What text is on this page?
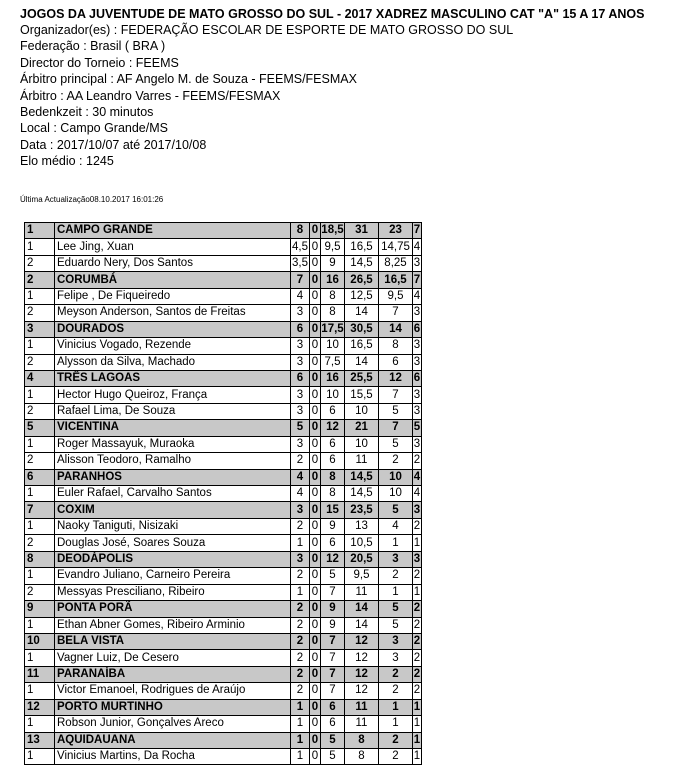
JOGOS DA JUVENTUDE DE MATO GROSSO DO SUL - 2017 XADREZ MASCULINO CAT "A" 15 A 17 ANOS
Organizador(es) : FEDERAÇÃO ESCOLAR DE ESPORTE DE MATO GROSSO DO SUL
Federação : Brasil ( BRA )
Director do Torneio : FEEMS
Árbitro principal : AF Angelo M. de Souza - FEEMS/FESMAX
Árbitro : AA Leandro Varres - FEEMS/FESMAX
Bedenkzeit : 30 minutos
Local : Campo Grande/MS
Data : 2017/10/07 até 2017/10/08
Elo médio : 1245
Última Actualização08.10.2017 16:01:26
1	CAMPO GRANDE	8	0	18,5	31	23	7
1	Lee Jing, Xuan	4,5	0	9,5	16,5	14,75	4
2	Eduardo Nery, Dos Santos	3,5	0	9	14,5	8,25	3
2	CORUMBÁ	7	0	16	26,5	16,5	7
1	Felipe , De Fiqueiredo	4	0	8	12,5	9,5	4
2	Meyson Anderson, Santos de Freitas	3	0	8	14	7	3
3	DOURADOS	6	0	17,5	30,5	14	6
1	Vinicius Vogado, Rezende	3	0	10	16,5	8	3
2	Alysson da Silva, Machado	3	0	7,5	14	6	3
4	TRÊS LAGOAS	6	0	16	25,5	12	6
1	Hector Hugo Queiroz, França	3	0	10	15,5	7	3
2	Rafael Lima, De Souza	3	0	6	10	5	3
5	VICENTINA	5	0	12	21	7	5
1	Roger Massayuk, Muraoka	3	0	6	10	5	3
2	Alisson Teodoro, Ramalho	2	0	6	11	2	2
6	PARANHOS	4	0	8	14,5	10	4
1	Euler Rafael, Carvalho Santos	4	0	8	14,5	10	4
7	COXIM	3	0	15	23,5	5	3
1	Naoky Taniguti, Nisizaki	2	0	9	13	4	2
2	Douglas José, Soares Souza	1	0	6	10,5	1	1
8	DEODÁPOLIS	3	0	12	20,5	3	3
1	Evandro Juliano, Carneiro Pereira	2	0	5	9,5	2	2
2	Messyas Presciliano, Ribeiro	1	0	7	11	1	1
9	PONTA PORÃ	2	0	9	14	5	2
1	Ethan Abner Gomes, Ribeiro Arminio	2	0	9	14	5	2
10	BELA VISTA	2	0	7	12	3	2
1	Vagner Luiz, De Cesero	2	0	7	12	3	2
11	PARANAÍBA	2	0	7	12	2	2
1	Victor Emanoel, Rodrigues de Araújo	2	0	7	12	2	2
12	PORTO MURTINHO	1	0	6	11	1	1
1	Robson Junior, Gonçalves Areco	1	0	6	11	1	1
13	AQUIDAUANA	1	0	5	8	2	1
1	Vinicius Martins, Da Rocha	1	0	5	8	2	1
